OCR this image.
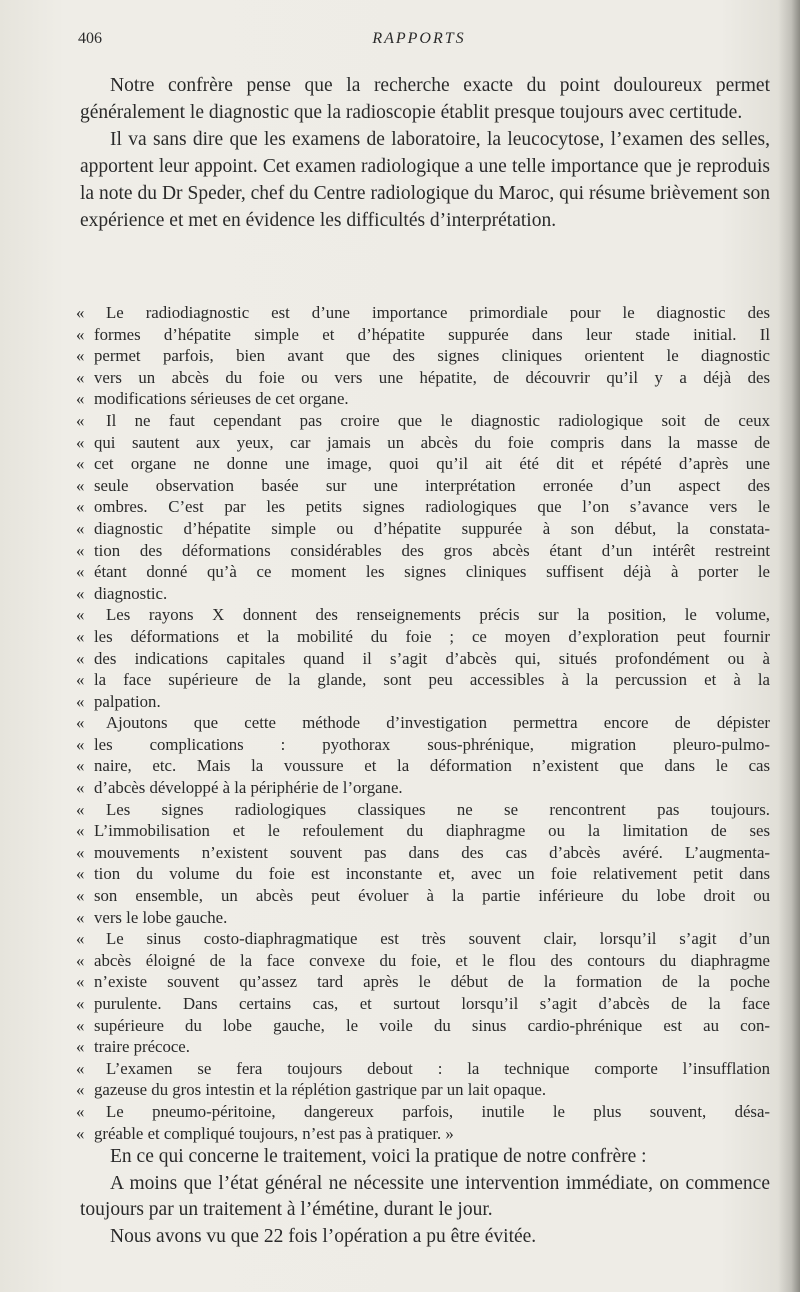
406	RAPPORTS

Notre confrère pense que la recherche exacte du point douloureux permet généralement le diagnostic que la radioscopie établit presque toujours avec certitude.

Il va sans dire que les examens de laboratoire, la leucocytose, l’examen des selles, apportent leur appoint. Cet examen radiologique a une telle importance que je reproduis la note du Dr Speder, chef du Centre radiologique du Maroc, qui résume brièvement son expérience et met en évidence les difficultés d’interprétation.

« Le radiodiagnostic est d’une importance primordiale pour le diagnostic des
« formes d’hépatite simple et d’hépatite suppurée dans leur stade initial. Il
« permet parfois, bien avant que des signes cliniques orientent le diagnostic
« vers un abcès du foie ou vers une hépatite, de découvrir qu’il y a déjà des
« modifications sérieuses de cet organe.
« Il ne faut cependant pas croire que le diagnostic radiologique soit de ceux
« qui sautent aux yeux, car jamais un abcès du foie compris dans la masse de
« cet organe ne donne une image, quoi qu’il ait été dit et répété d’après une
« seule observation basée sur une interprétation erronée d’un aspect des
« ombres. C’est par les petits signes radiologiques que l’on s’avance vers le
« diagnostic d’hépatite simple ou d’hépatite suppurée à son début, la constata-
« tion des déformations considérables des gros abcès étant d’un intérêt restreint
« étant donné qu’à ce moment les signes cliniques suffisent déjà à porter le
« diagnostic.
« Les rayons X donnent des renseignements précis sur la position, le volume,
« les déformations et la mobilité du foie ; ce moyen d’exploration peut fournir
« des indications capitales quand il s’agit d’abcès qui, situés profondément ou à
« la face supérieure de la glande, sont peu accessibles à la percussion et à la
« palpation.
« Ajoutons que cette méthode d’investigation permettra encore de dépister
« les complications : pyothorax sous-phrénique, migration pleuro-pulmo-
« naire, etc. Mais la voussure et la déformation n’existent que dans le cas
« d’abcès développé à la périphérie de l’organe.
« Les signes radiologiques classiques ne se rencontrent pas toujours.
« L’immobilisation et le refoulement du diaphragme ou la limitation de ses
« mouvements n’existent souvent pas dans des cas d’abcès avéré. L’augmenta-
« tion du volume du foie est inconstante et, avec un foie relativement petit dans
« son ensemble, un abcès peut évoluer à la partie inférieure du lobe droit ou
« vers le lobe gauche.
« Le sinus costo-diaphragmatique est très souvent clair, lorsqu’il s’agit d’un
« abcès éloigné de la face convexe du foie, et le flou des contours du diaphragme
« n’existe souvent qu’assez tard après le début de la formation de la poche
« purulente. Dans certains cas, et surtout lorsqu’il s’agit d’abcès de la face
« supérieure du lobe gauche, le voile du sinus cardio-phrénique est au con-
« traire précoce.
« L’examen se fera toujours debout : la technique comporte l’insufflation
« gazeuse du gros intestin et la réplétion gastrique par un lait opaque.
« Le pneumo-péritoine, dangereux parfois, inutile le plus souvent, désa-
« gréable et compliqué toujours, n’est pas à pratiquer. »

En ce qui concerne le traitement, voici la pratique de notre confrère :

A moins que l’état général ne nécessite une intervention immédiate, on commence toujours par un traitement à l’émétine, durant le jour.

Nous avons vu que 22 fois l’opération a pu être évitée.
